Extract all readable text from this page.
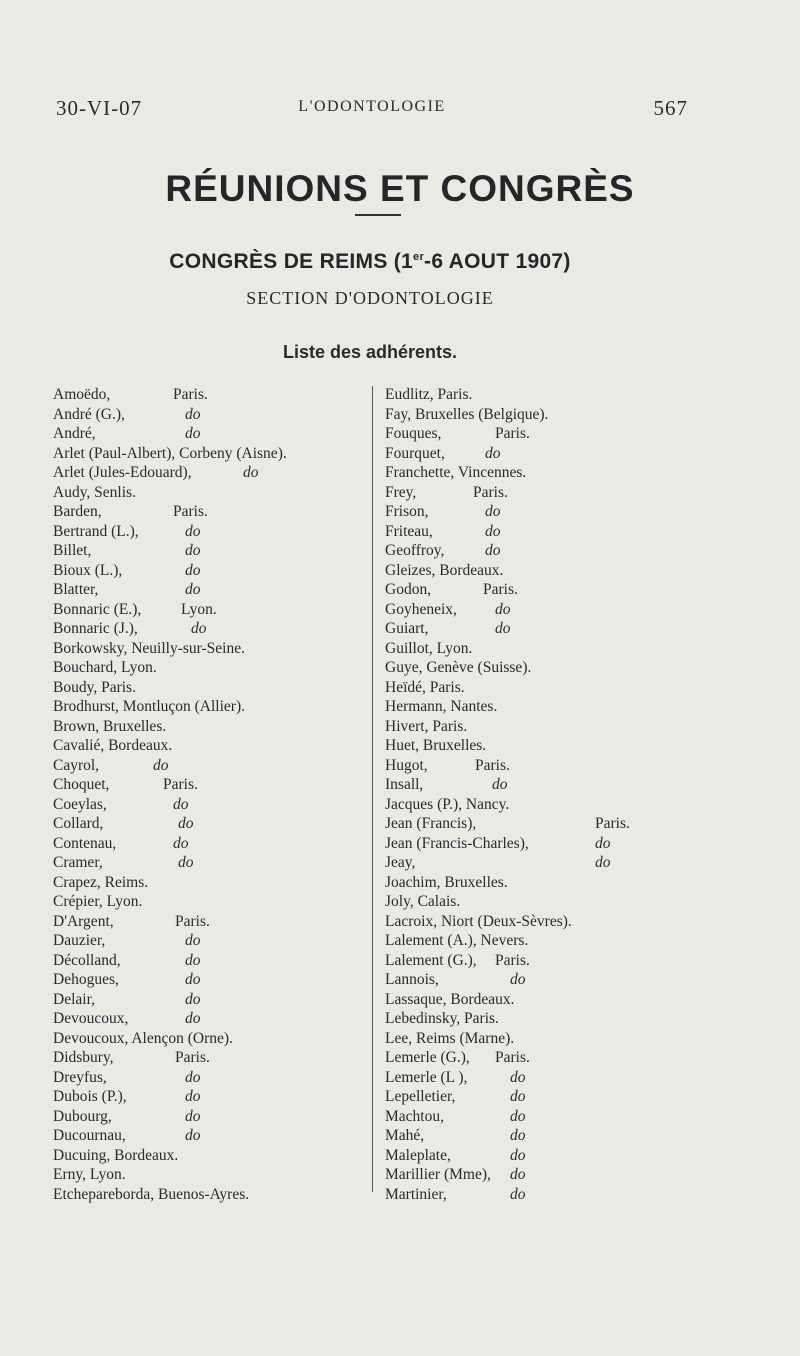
30-VI-07	L'ODONTOLOGIE	567
RÉUNIONS ET CONGRÈS
CONGRÈS DE REIMS (1er-6 AOUT 1907)
SECTION D'ODONTOLOGIE
Liste des adhérents.
Amoëdo,	Paris.
André (G.),	do
André,	do
Arlet (Paul-Albert), Corbeny (Aisne).
Arlet (Jules-Edouard),	do
Audy, Senlis.
Barden,	Paris.
Bertrand (L.),	do
Billet,	do
Bioux (L.),	do
Blatter,	do
Bonnaric (E.),	Lyon.
Bonnaric (J.),	do
Borkowsky, Neuilly-sur-Seine.
Bouchard, Lyon.
Boudy, Paris.
Brodhurst, Montluçon (Allier).
Brown, Bruxelles.
Cavalié, Bordeaux.
Cayrol,	do
Choquet,	Paris.
Coeylas,	do
Collard,	do
Contenau,	do
Cramer,	do
Crapez, Reims.
Crépier, Lyon.
D'Argent,	Paris.
Dauzier,	do
Décolland,	do
Dehogues,	do
Delair,	do
Devoucoux,	do
Devoucoux, Alençon (Orne).
Didsbury,	Paris.
Dreyfus,	do
Dubois (P.),	do
Dubourg,	do
Ducournau,	do
Ducuing, Bordeaux.
Erny, Lyon.
Etchepareborda, Buenos-Ayres.
Eudlitz, Paris.
Fay, Bruxelles (Belgique).
Fouques,	Paris.
Fourquet,	do
Franchette, Vincennes.
Frey,	Paris.
Frison,	do
Friteau,	do
Geoffroy,	do
Gleizes, Bordeaux.
Godon,	Paris.
Goyheneix, do
Guiart,	do
Guillot, Lyon.
Guye, Genève (Suisse).
Heïdé, Paris.
Hermann, Nantes.
Hivert, Paris.
Huet, Bruxelles.
Hugot,	Paris.
Insall,	do
Jacques (P.), Nancy.
Jean (Francis),	Paris.
Jean (Francis-Charles),	do
Jeay,	do
Joachim, Bruxelles.
Joly, Calais.
Lacroix, Niort (Deux-Sèvres).
Lalement (A.), Nevers.
Lalement (G.), Paris.
Lannois,	do
Lassaque, Bordeaux.
Lebedinsky, Paris.
Lee, Reims (Marne).
Lemerle (G.), Paris.
Lemerle (L ),	do
Lepelletier,	do
Machtou,	do
Mahé,	do
Maleplate,	do
Marillier (Mme), do
Martinier,	do
